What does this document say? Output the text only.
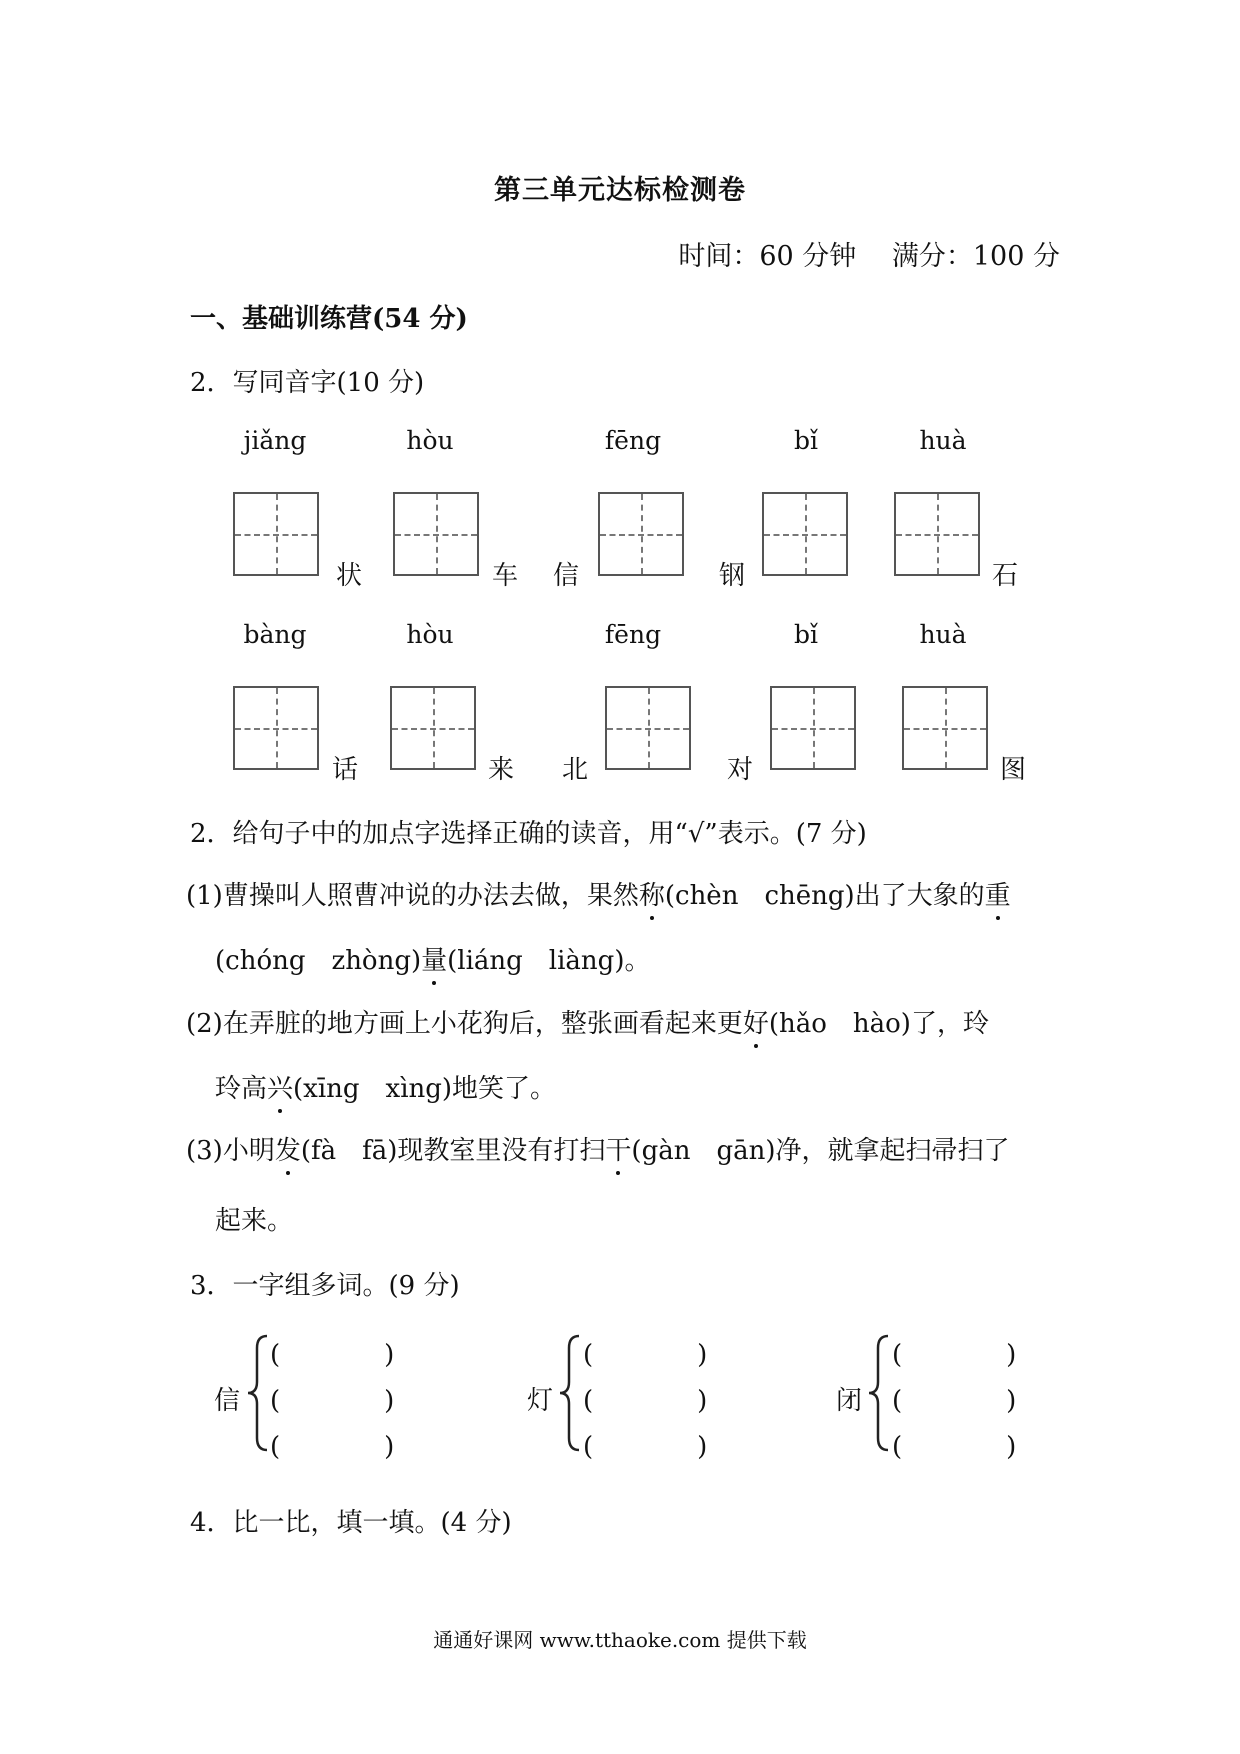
第三单元达标检测卷
时间：60 分钟　 满分：100 分
一、基础训练营(54 分)
2．写同音字(10 分)
jiǎng	hòu	fēng	bǐ	huà
状	车 信	钢	石
bàng	hòu	fēng	bǐ	huà
话	来 北	对	图
2．给句子中的加点字选择正确的读音，用“√”表示。(7 分)
(1)曹操叫人照曹冲说的办法去做，果然称(chèn　chēng)出了大象的重
(chóng　zhòng)量(liáng　liàng)。
(2)在弄脏的地方画上小花狗后，整张画看起来更好(hǎo　hào)了，玲
玲高兴(xīng　xìng)地笑了。
(3)小明发(fà　fā)现教室里没有打扫干(gàn　gān)净，就拿起扫帚扫了
起来。
3．一字组多词。(9 分)
信
(　　　　)
(　　　　)
(　　　　)
灯
(　　　　)
(　　　　)
(　　　　)
闭
(　　　　)
(　　　　)
(　　　　)
4．比一比，填一填。(4 分)
通通好课网 www.tthaoke.com 提供下载
